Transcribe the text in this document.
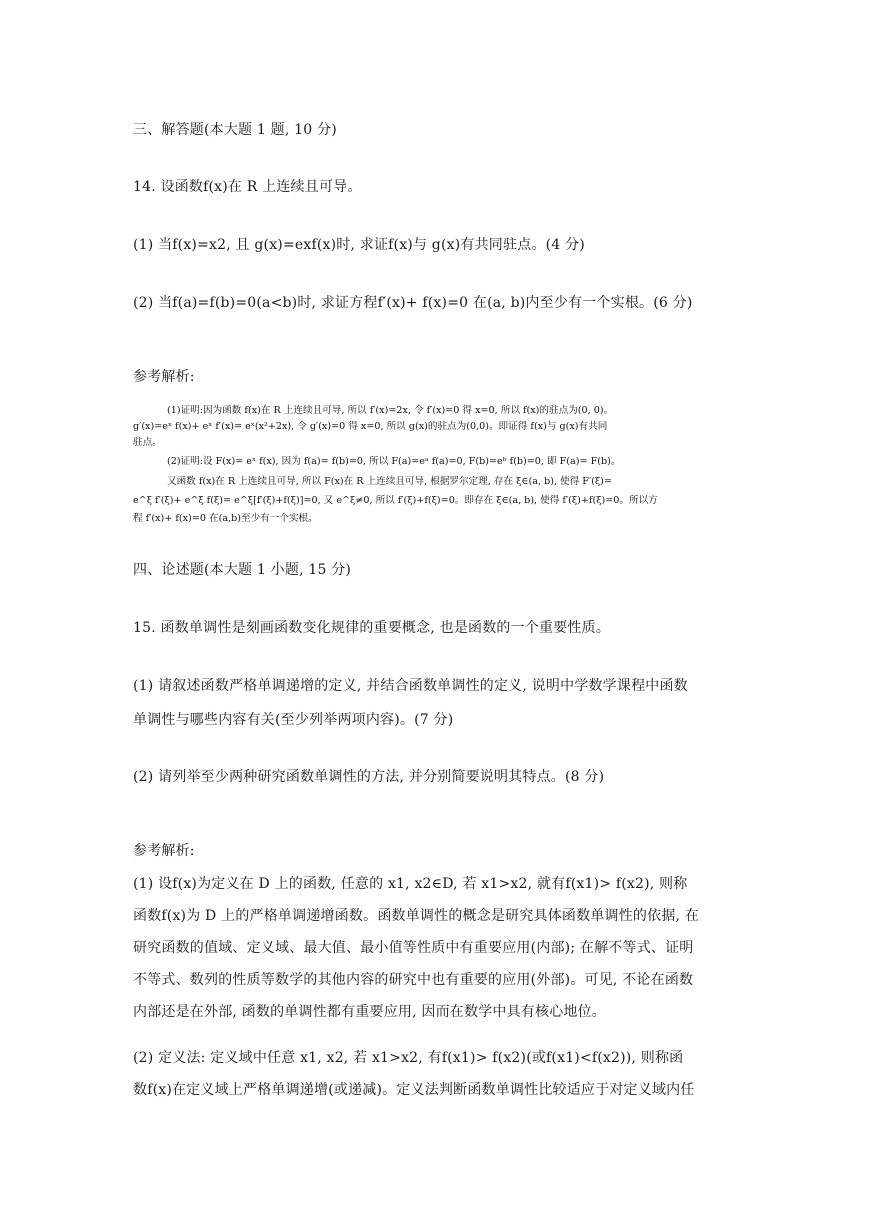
三、解答题(本大题 1 题, 10 分)
14. 设函数f(x)在 R 上连续且可导。
(1) 当f(x)=x2, 且 g(x)=exf(x)时, 求证f(x)与 g(x)有共同驻点。(4 分)
(2) 当f(a)=f(b)=0(a<b)时, 求证方程f′(x)+ f(x)=0 在(a, b)内至少有一个实根。(6 分)
参考解析:
(1)证明:因为函数 f(x)在 R 上连续且可导, 所以 f′(x)=2x, 令 f′(x)=0 得 x=0, 所以 f(x)的驻点为(0, 0)。
g′(x)=eˣ f(x)+ eˣ f′(x)= eˣ(x²+2x), 令 g′(x)=0 得 x=0, 所以 g(x)的驻点为(0,0)。即证得 f(x)与 g(x)有共同
驻点。
(2)证明:设 F(x)= eˣ f(x), 因为 f(a)= f(b)=0, 所以 F(a)=eᵃ f(a)=0, F(b)=eᵇ f(b)=0, 即 F(a)= F(b)。
又函数 f(x)在 R 上连续且可导, 所以 F(x)在 R 上连续且可导, 根据罗尔定理, 存在 ξ∈(a, b), 使得 F′(ξ)=
e^ξ f′(ξ)+ e^ξ f(ξ)= e^ξ[f′(ξ)+f(ξ)]=0, 又 e^ξ≠0, 所以 f′(ξ)+f(ξ)=0。即存在 ξ∈(a, b), 使得 f′(ξ)+f(ξ)=0。所以方
程 f′(x)+ f(x)=0 在(a,b)至少有一个实根。
四、论述题(本大题 1 小题, 15 分)
15. 函数单调性是刻画函数变化规律的重要概念, 也是函数的一个重要性质。
(1) 请叙述函数严格单调递增的定义, 并结合函数单调性的定义, 说明中学数学课程中函数
单调性与哪些内容有关(至少列举两项内容)。(7 分)
(2) 请列举至少两种研究函数单调性的方法, 并分别简要说明其特点。(8 分)
参考解析:
(1) 设f(x)为定义在 D 上的函数, 任意的 x1, x2∈D, 若 x1>x2, 就有f(x1)> f(x2), 则称
函数f(x)为 D 上的严格单调递增函数。函数单调性的概念是研究具体函数单调性的依据, 在
研究函数的值域、定义域、最大值、最小值等性质中有重要应用(内部); 在解不等式、证明
不等式、数列的性质等数学的其他内容的研究中也有重要的应用(外部)。可见, 不论在函数
内部还是在外部, 函数的单调性都有重要应用, 因而在数学中具有核心地位。
(2) 定义法: 定义域中任意 x1, x2, 若 x1>x2, 有f(x1)> f(x2)(或f(x1)<f(x2)), 则称函
数f(x)在定义域上严格单调递增(或递减)。定义法判断函数单调性比较适应于对定义域内任
